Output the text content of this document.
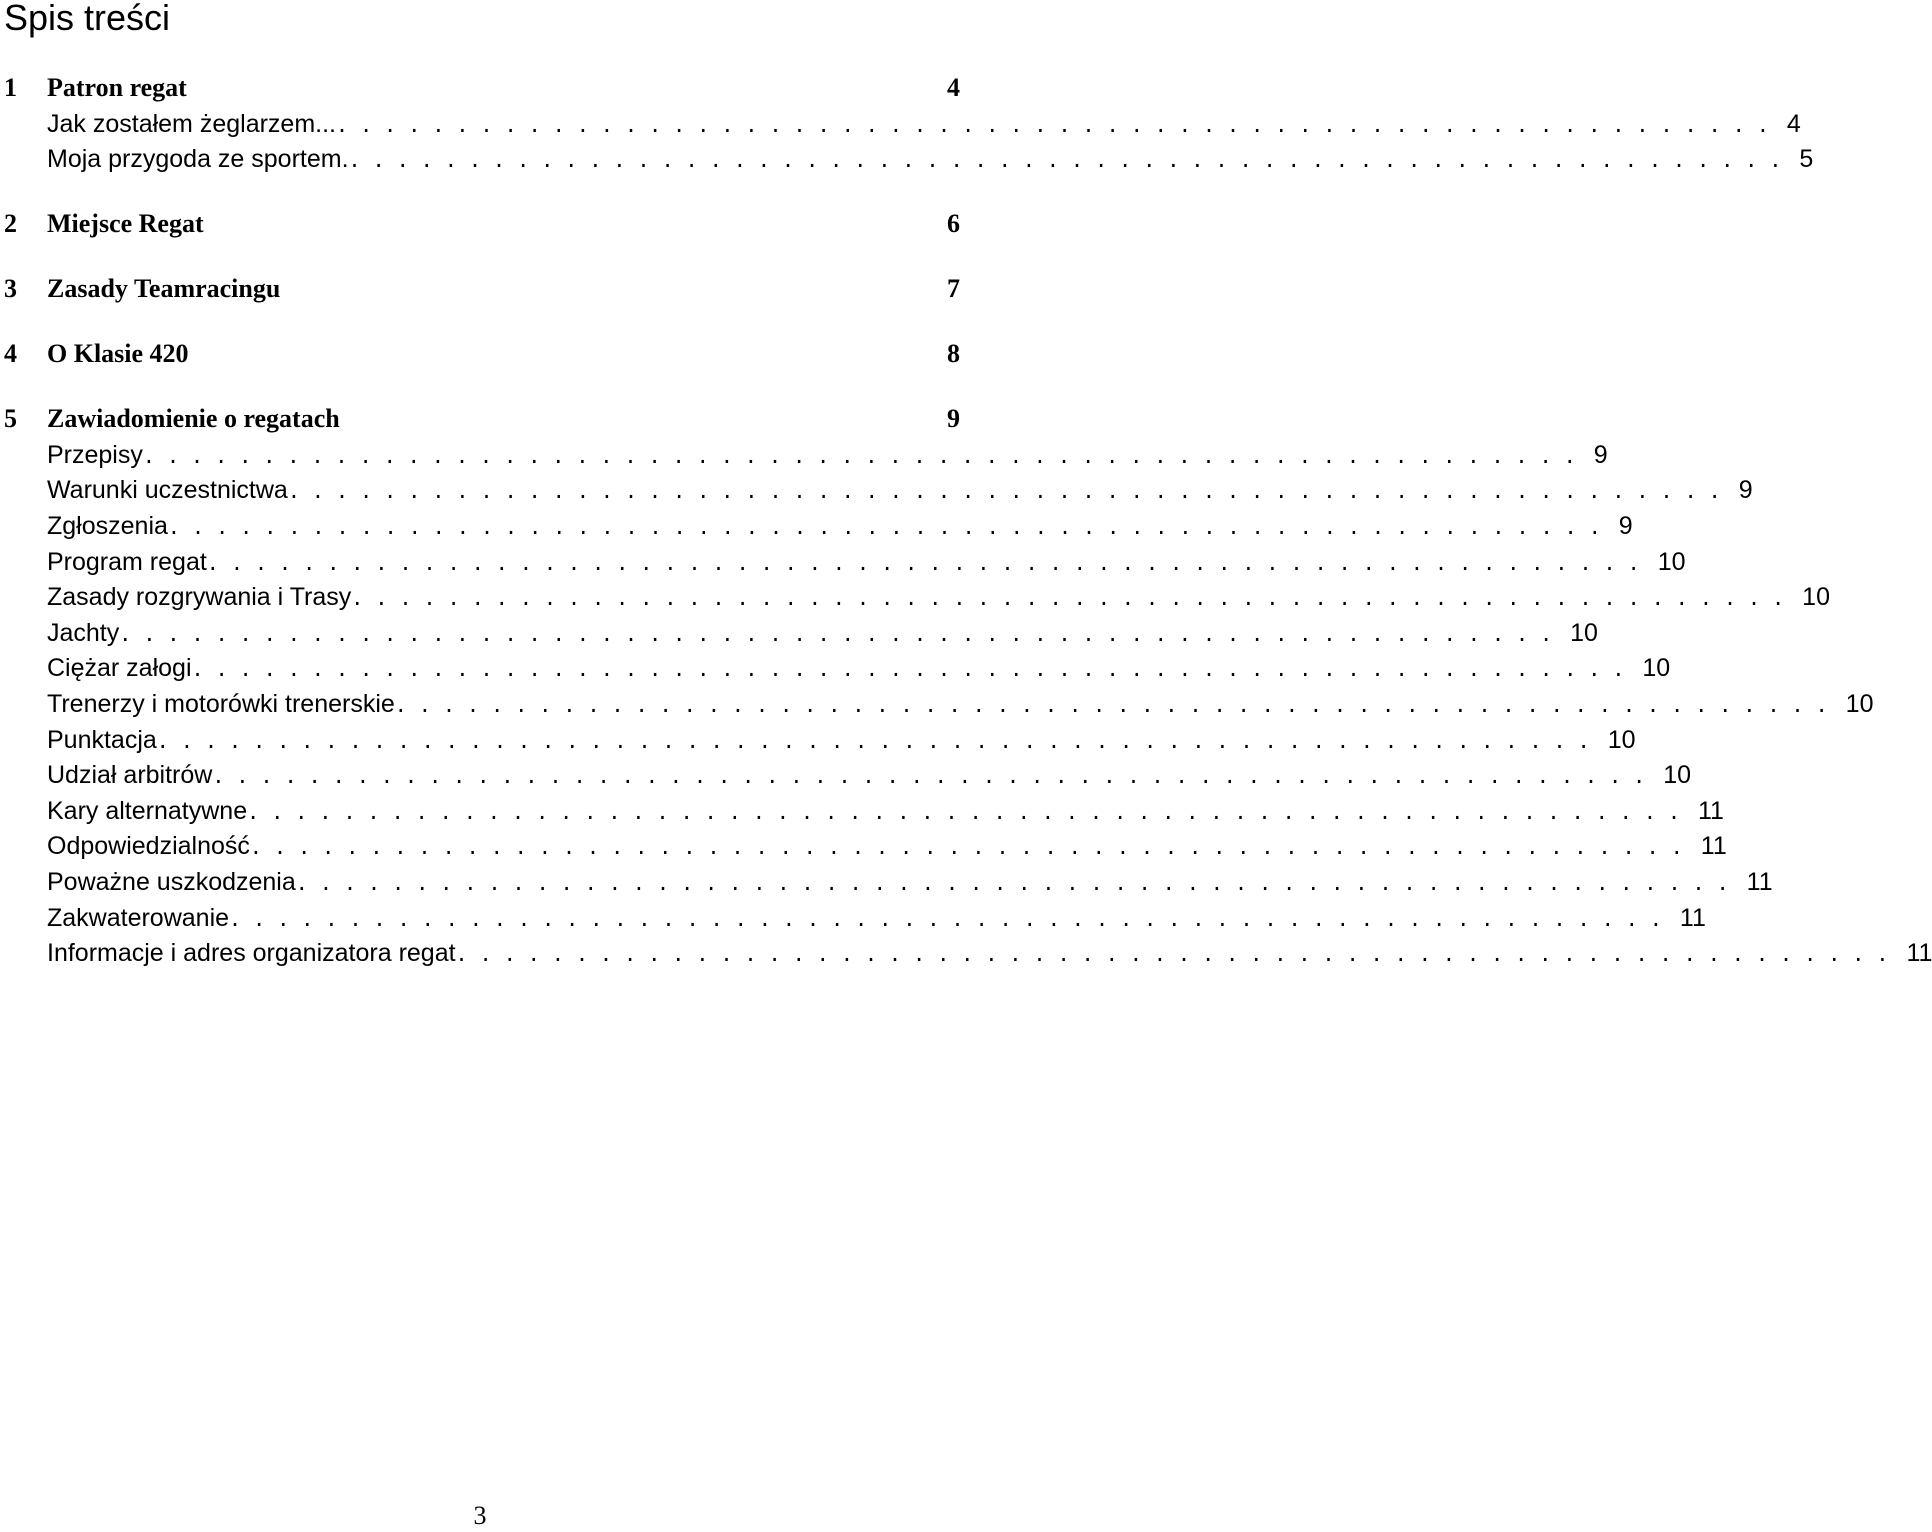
Spis treści
1 Patron regat	4
Jak zostałem żeglarzem... . . . . . . . . . . . . . . . . . . . . . . . . . . . . . . . . . . . . . . . . . . . . . . . . . . . . . . . . . . . . 4
Moja przygoda ze sportem. . . . . . . . . . . . . . . . . . . . . . . . . . . . . . . . . . . . . . . . . . . . . . . . . . . . . . . . . . . . . 5
2 Miejsce Regat	6
3 Zasady Teamracingu	7
4 O Klasie 420	8
5 Zawiadomienie o regatach	9
Przepisy . . . . . . . . . . . . . . . . . . . . . . . . . . . . . . . . . . . . . . . . . . . . . . . . . . . . . . . . . . . . 9
Warunki uczestnictwa . . . . . . . . . . . . . . . . . . . . . . . . . . . . . . . . . . . . . . . . . . . . . . . . . . . . . . . . . . . . 9
Zgłoszenia . . . . . . . . . . . . . . . . . . . . . . . . . . . . . . . . . . . . . . . . . . . . . . . . . . . . . . . . . . . . 9
Program regat . . . . . . . . . . . . . . . . . . . . . . . . . . . . . . . . . . . . . . . . . . . . . . . . . . . . . . . . . . . . 10
Zasady rozgrywania i Trasy . . . . . . . . . . . . . . . . . . . . . . . . . . . . . . . . . . . . . . . . . . . . . . . . . . . . . . . . . . . . 10
Jachty . . . . . . . . . . . . . . . . . . . . . . . . . . . . . . . . . . . . . . . . . . . . . . . . . . . . . . . . . . . . 10
Ciężar załogi . . . . . . . . . . . . . . . . . . . . . . . . . . . . . . . . . . . . . . . . . . . . . . . . . . . . . . . . . . . . 10
Trenerzy i motorówki trenerskie . . . . . . . . . . . . . . . . . . . . . . . . . . . . . . . . . . . . . . . . . . . . . . . . . . . . . . . . . . . . 10
Punktacja . . . . . . . . . . . . . . . . . . . . . . . . . . . . . . . . . . . . . . . . . . . . . . . . . . . . . . . . . . . . 10
Udział arbitrów . . . . . . . . . . . . . . . . . . . . . . . . . . . . . . . . . . . . . . . . . . . . . . . . . . . . . . . . . . . . 10
Kary alternatywne . . . . . . . . . . . . . . . . . . . . . . . . . . . . . . . . . . . . . . . . . . . . . . . . . . . . . . . . . . . . 11
Odpowiedzialność . . . . . . . . . . . . . . . . . . . . . . . . . . . . . . . . . . . . . . . . . . . . . . . . . . . . . . . . . . . . 11
Poważne uszkodzenia . . . . . . . . . . . . . . . . . . . . . . . . . . . . . . . . . . . . . . . . . . . . . . . . . . . . . . . . . . . . 11
Zakwaterowanie . . . . . . . . . . . . . . . . . . . . . . . . . . . . . . . . . . . . . . . . . . . . . . . . . . . . . . . . . . . . 11
Informacje i adres organizatora regat . . . . . . . . . . . . . . . . . . . . . . . . . . . . . . . . . . . . . . . . . . . . . . . . . . . . . . . . . . . . 11
3
